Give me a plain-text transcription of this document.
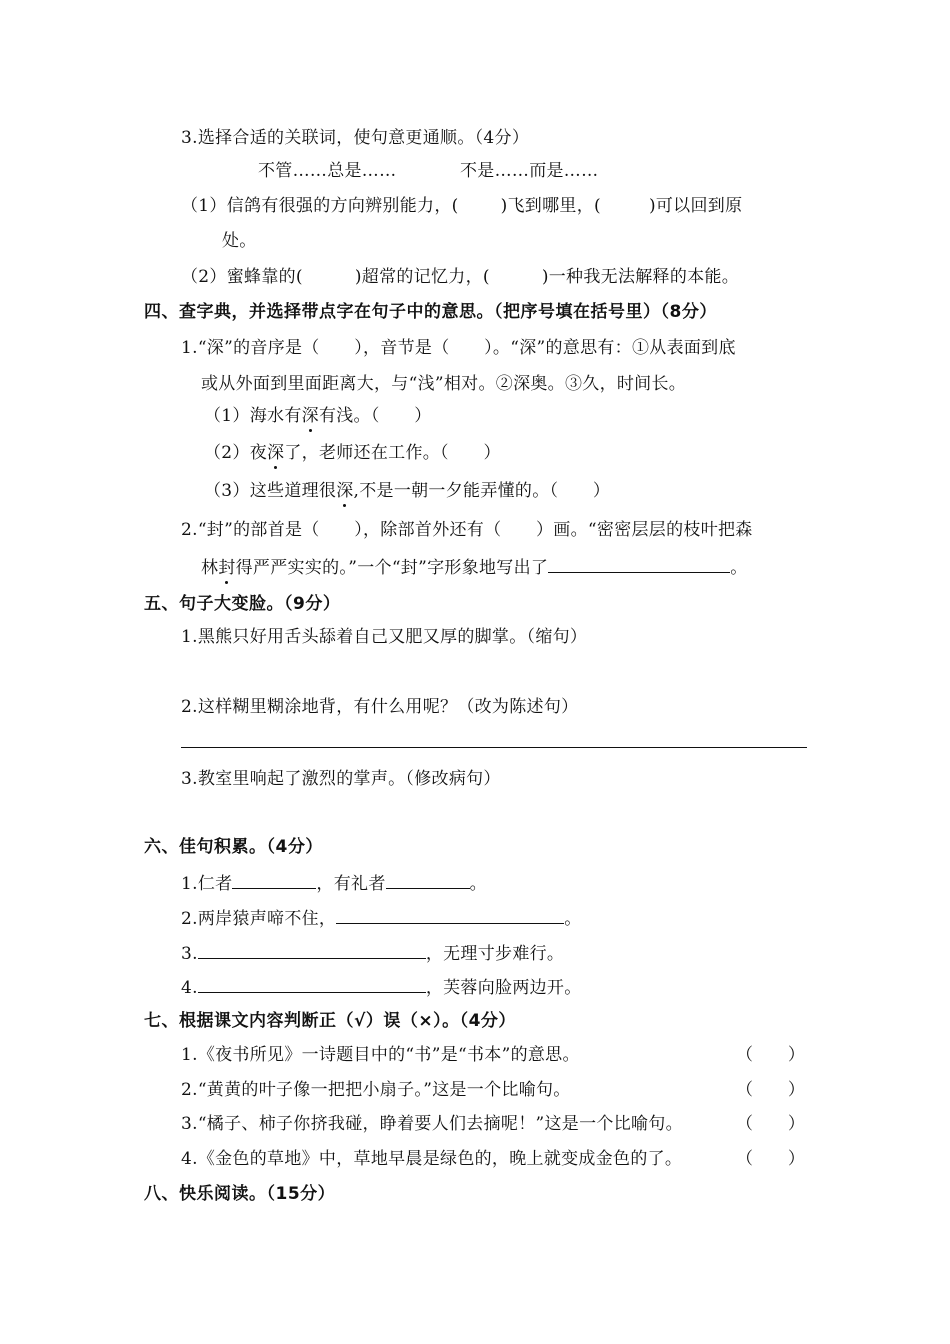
3.选择合适的关联词，使句意更通顺。（4分）
不管……总是……	不是……而是……
（1）信鸽有很强的方向辨别能力，( )飞到哪里，(	)可以回到原
处。
（2）蜜蜂靠的(	)超常的记忆力，(	)一种我无法解释的本能。
四、查字典，并选择带点字在句子中的意思。（把序号填在括号里）（8分）
1.“深”的音序是（　　），音节是（　　）。“深”的意思有：①从表面到底
或从外面到里面距离大，与“浅”相对。②深奥。③久，时间长。
（1）海水有深有浅。（　　）
（2）夜深了，老师还在工作。（　　）
（3）这些道理很深,不是一朝一夕能弄懂的。（　　）
2.“封”的部首是（　　），除部首外还有（　　）画。“密密层层的枝叶把森
林封得严严实实的。”一个“封”字形象地写出了	。
五、句子大变脸。（9分）
1.黑熊只好用舌头舔着自己又肥又厚的脚掌。（缩句）
2.这样糊里糊涂地背，有什么用呢？（改为陈述句）
3.教室里响起了激烈的掌声。（修改病句）
六、佳句积累。（4分）
1.仁者	，有礼者	。
2.两岸猿声啼不住，	。
3.	，无理寸步难行。
4.	，芙蓉向脸两边开。
七、根据课文内容判断正（√）误（×）。（4分）
1.《夜书所见》一诗题目中的“书”是“书本”的意思。	（　　）
2.“黄黄的叶子像一把把小扇子。”这是一个比喻句。	（　　）
3.“橘子、柿子你挤我碰，睁着要人们去摘呢！”这是一个比喻句。	（　　）
4.《金色的草地》中，草地早晨是绿色的，晚上就变成金色的了。	（　　）
八、快乐阅读。（15分）
